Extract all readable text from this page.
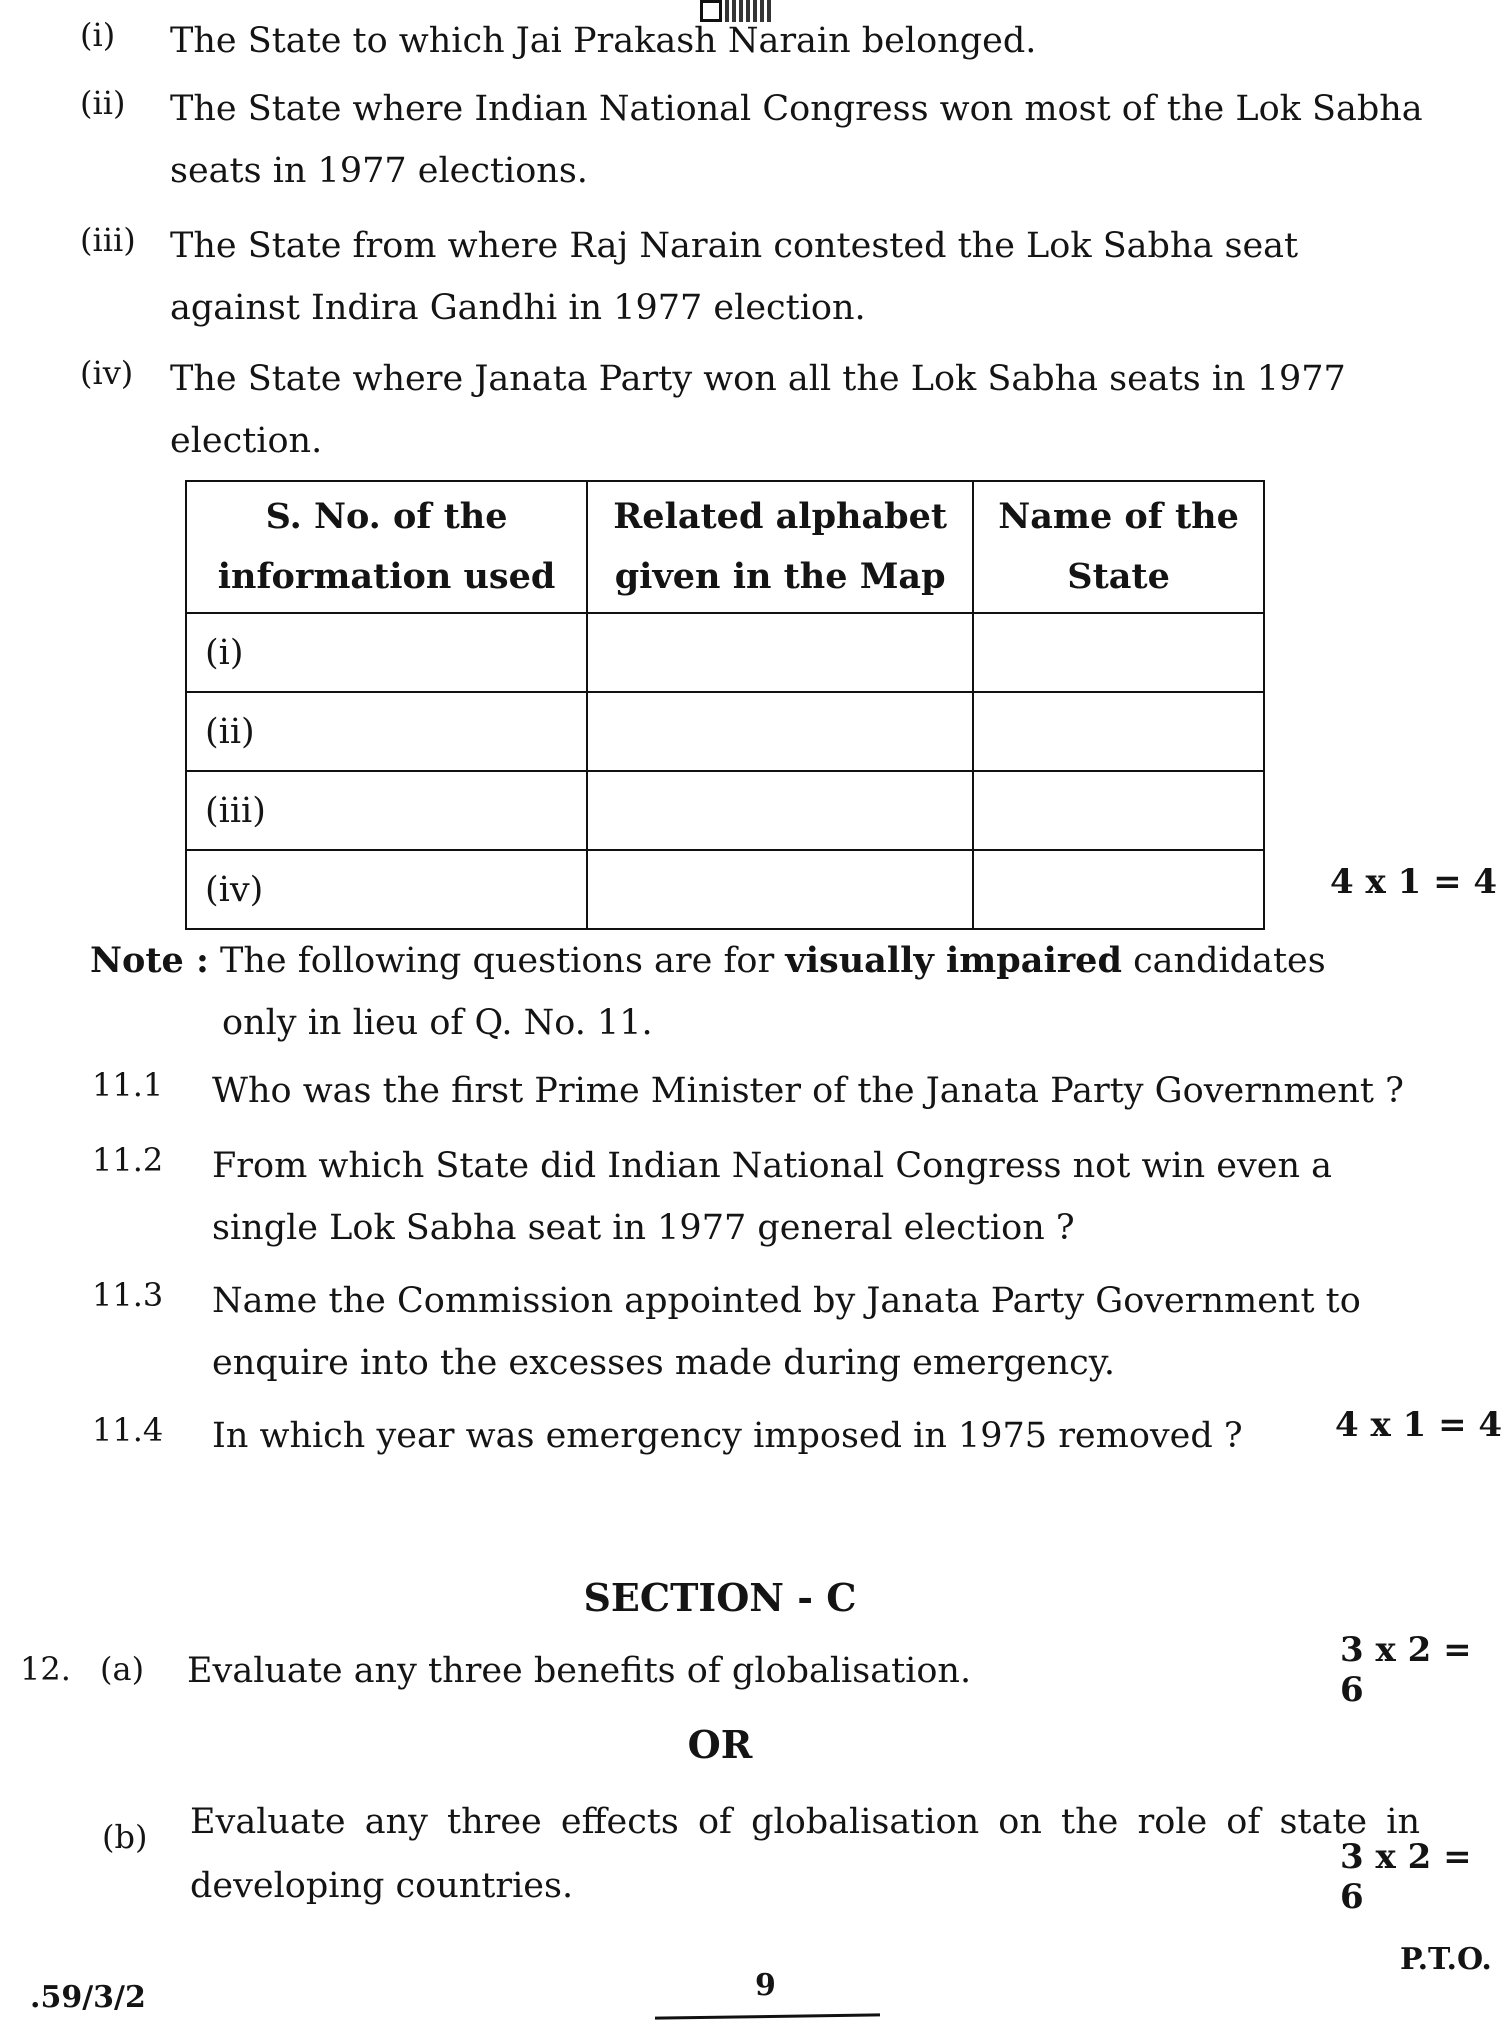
(i)	The State to which Jai Prakash Narain belonged.
(ii)	The State where Indian National Congress won most of the Lok Sabha seats in 1977 elections.
(iii) The State from where Raj Narain contested the Lok Sabha seat against Indira Gandhi in 1977 election.
(iv)	The State where Janata Party won all the Lok Sabha seats in 1977 election.
S. No. of the information used	Related alphabet given in the Map	Name of the State
(i)		
(ii)		
(iii)		
(iv)			4 x 1 = 4
Note : The following questions are for visually impaired candidates
only in lieu of Q. No. 11.
11.1	Who was the first Prime Minister of the Janata Party Government ?
11.2	From which State did Indian National Congress not win even a single Lok Sabha seat in 1977 general election ?
11.3	Name the Commission appointed by Janata Party Government to enquire into the excesses made during emergency.
11.4	In which year was emergency imposed in 1975 removed ?	4 x 1 = 4
SECTION - C
12. (a) Evaluate any three benefits of globalisation.
3 x 2 = 6
OR
(b) Evaluate any three effects of globalisation on the role of state in developing countries.
3 x 2 = 6
P.T.O.
.59/3/2	9
